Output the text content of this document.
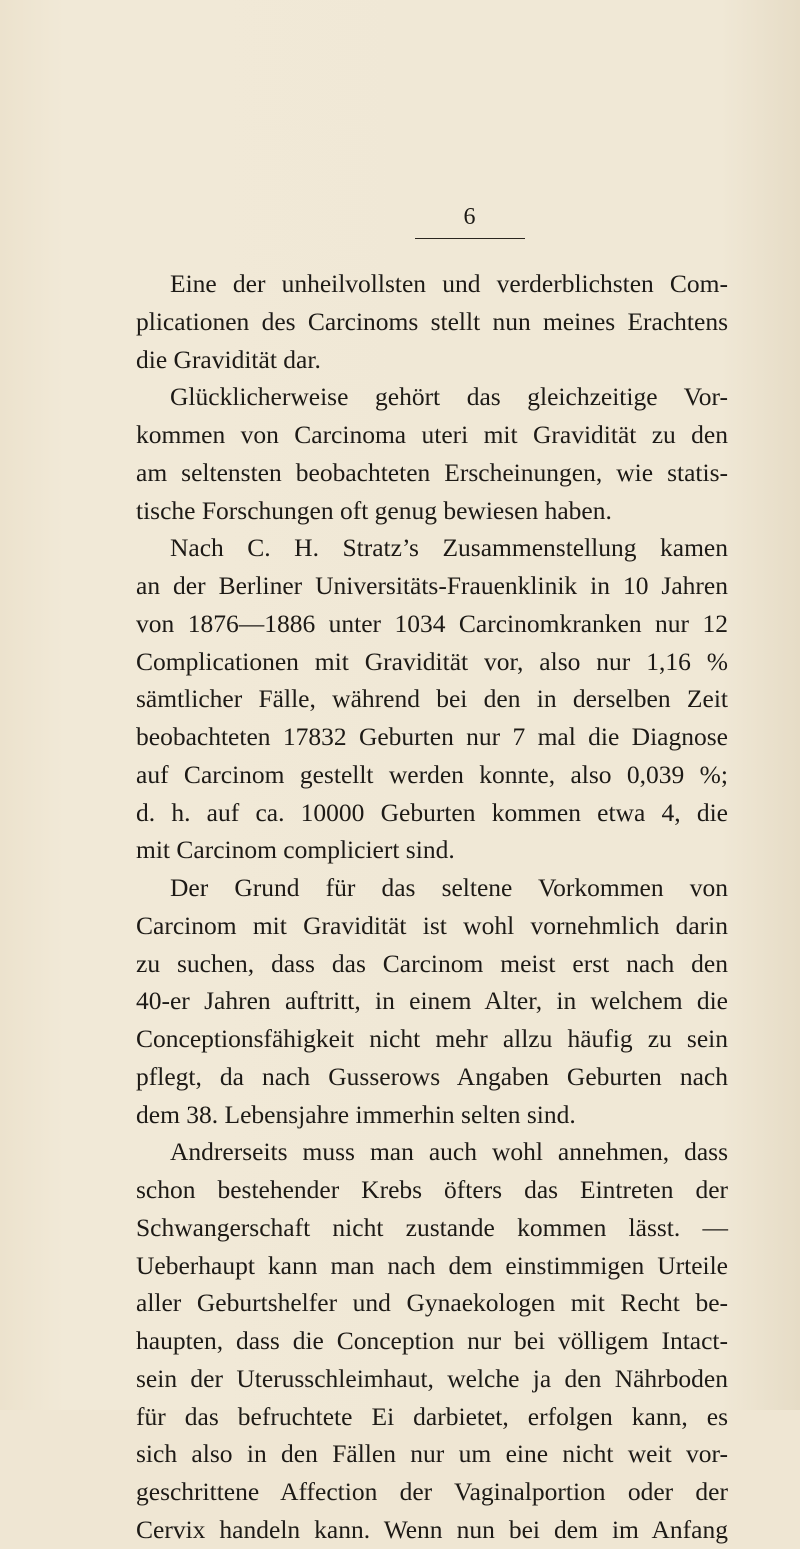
6
Eine der unheilvollsten und verderblichsten Com-
plicationen des Carcinoms stellt nun meines Erachtens
die Gravidität dar.
Glücklicherweise gehört das gleichzeitige Vor-
kommen von Carcinoma uteri mit Gravidität zu den
am seltensten beobachteten Erscheinungen, wie statis-
tische Forschungen oft genug bewiesen haben.
Nach C. H. Stratz’s Zusammenstellung kamen
an der Berliner Universitäts-Frauenklinik in 10 Jahren
von 1876—1886 unter 1034 Carcinomkranken nur 12
Complicationen mit Gravidität vor, also nur 1,16 %
sämtlicher Fälle, während bei den in derselben Zeit
beobachteten 17832 Geburten nur 7 mal die Diagnose
auf Carcinom gestellt werden konnte, also 0,039 %;
d. h. auf ca. 10000 Geburten kommen etwa 4, die
mit Carcinom compliciert sind.
Der Grund für das seltene Vorkommen von
Carcinom mit Gravidität ist wohl vornehmlich darin
zu suchen, dass das Carcinom meist erst nach den
40-er Jahren auftritt, in einem Alter, in welchem die
Conceptionsfähigkeit nicht mehr allzu häufig zu sein
pflegt, da nach Gusserows Angaben Geburten nach
dem 38. Lebensjahre immerhin selten sind.
Andrerseits muss man auch wohl annehmen, dass
schon bestehender Krebs öfters das Eintreten der
Schwangerschaft nicht zustande kommen lässt. —
Ueberhaupt kann man nach dem einstimmigen Urteile
aller Geburtshelfer und Gynaekologen mit Recht be-
haupten, dass die Conception nur bei völligem Intact-
sein der Uterusschleimhaut, welche ja den Nährboden
für das befruchtete Ei darbietet, erfolgen kann, es
sich also in den Fällen nur um eine nicht weit vor-
geschrittene Affection der Vaginalportion oder der
Cervix handeln kann. Wenn nun bei dem im Anfang
